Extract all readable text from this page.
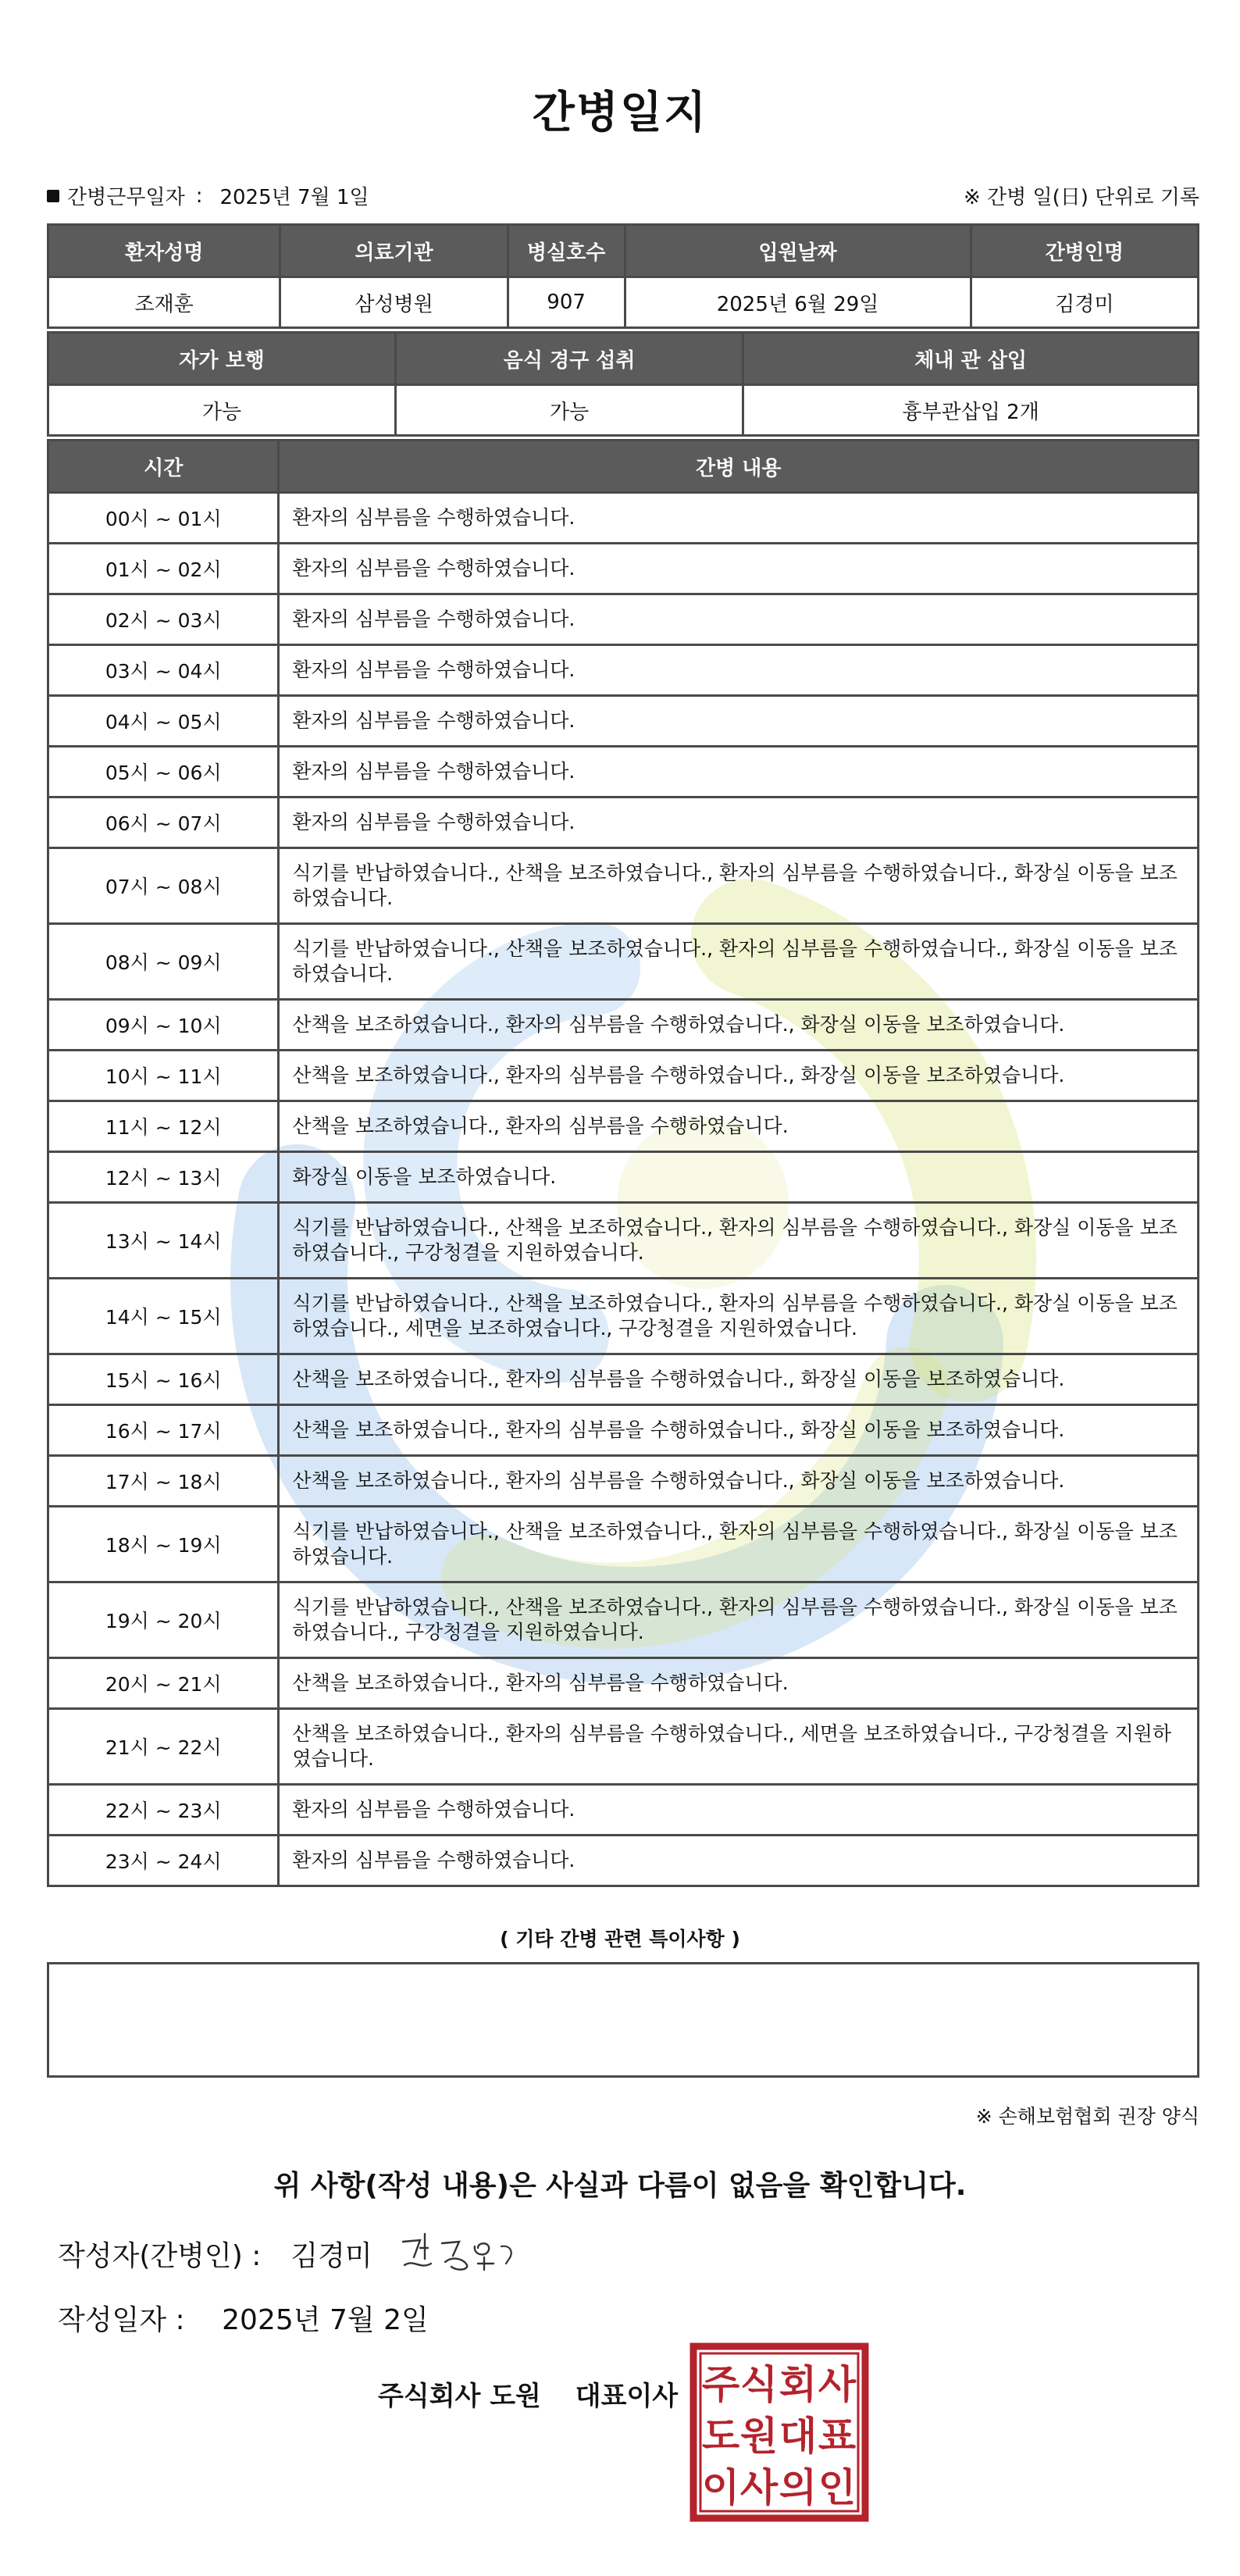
간병일지
간병근무일자 : 2025년 7월 1일	※ 간병 일(日) 단위로 기록
환자성명	의료기관	병실호수	입원날짜	간병인명
조재훈	삼성병원	907	2025년 6월 29일	김경미
자가 보행	음식 경구 섭취	체내 관 삽입
가능	가능	흉부관삽입 2개
시간	간병 내용
00시 ~ 01시	환자의 심부름을 수행하였습니다.
01시 ~ 02시	환자의 심부름을 수행하였습니다.
02시 ~ 03시	환자의 심부름을 수행하였습니다.
03시 ~ 04시	환자의 심부름을 수행하였습니다.
04시 ~ 05시	환자의 심부름을 수행하였습니다.
05시 ~ 06시	환자의 심부름을 수행하였습니다.
06시 ~ 07시	환자의 심부름을 수행하였습니다.
07시 ~ 08시	식기를 반납하였습니다., 산책을 보조하였습니다., 환자의 심부름을 수행하였습니다., 화장실 이동을 보조하였습니다.
08시 ~ 09시	식기를 반납하였습니다., 산책을 보조하였습니다., 환자의 심부름을 수행하였습니다., 화장실 이동을 보조하였습니다.
09시 ~ 10시	산책을 보조하였습니다., 환자의 심부름을 수행하였습니다., 화장실 이동을 보조하였습니다.
10시 ~ 11시	산책을 보조하였습니다., 환자의 심부름을 수행하였습니다., 화장실 이동을 보조하였습니다.
11시 ~ 12시	산책을 보조하였습니다., 환자의 심부름을 수행하였습니다.
12시 ~ 13시	화장실 이동을 보조하였습니다.
13시 ~ 14시	식기를 반납하였습니다., 산책을 보조하였습니다., 환자의 심부름을 수행하였습니다., 화장실 이동을 보조하였습니다., 구강청결을 지원하였습니다.
14시 ~ 15시	식기를 반납하였습니다., 산책을 보조하였습니다., 환자의 심부름을 수행하였습니다., 화장실 이동을 보조하였습니다., 세면을 보조하였습니다., 구강청결을 지원하였습니다.
15시 ~ 16시	산책을 보조하였습니다., 환자의 심부름을 수행하였습니다., 화장실 이동을 보조하였습니다.
16시 ~ 17시	산책을 보조하였습니다., 환자의 심부름을 수행하였습니다., 화장실 이동을 보조하였습니다.
17시 ~ 18시	산책을 보조하였습니다., 환자의 심부름을 수행하였습니다., 화장실 이동을 보조하였습니다.
18시 ~ 19시	식기를 반납하였습니다., 산책을 보조하였습니다., 환자의 심부름을 수행하였습니다., 화장실 이동을 보조하였습니다.
19시 ~ 20시	식기를 반납하였습니다., 산책을 보조하였습니다., 환자의 심부름을 수행하였습니다., 화장실 이동을 보조하였습니다., 구강청결을 지원하였습니다.
20시 ~ 21시	산책을 보조하였습니다., 환자의 심부름을 수행하였습니다.
21시 ~ 22시	산책을 보조하였습니다., 환자의 심부름을 수행하였습니다., 세면을 보조하였습니다., 구강청결을 지원하였습니다.
22시 ~ 23시	환자의 심부름을 수행하였습니다.
23시 ~ 24시	환자의 심부름을 수행하였습니다.
( 기타 간병 관련 특이사항 )
※ 손해보험협회 권장 양식
위 사항(작성 내용)은 사실과 다름이 없음을 확인합니다.
작성자(간병인) : 김경미
작성일자 : 2025년 7월 2일
주식회사 도원 대표이사 주 식 회 사
도 원 대 표
이 사 의 인
